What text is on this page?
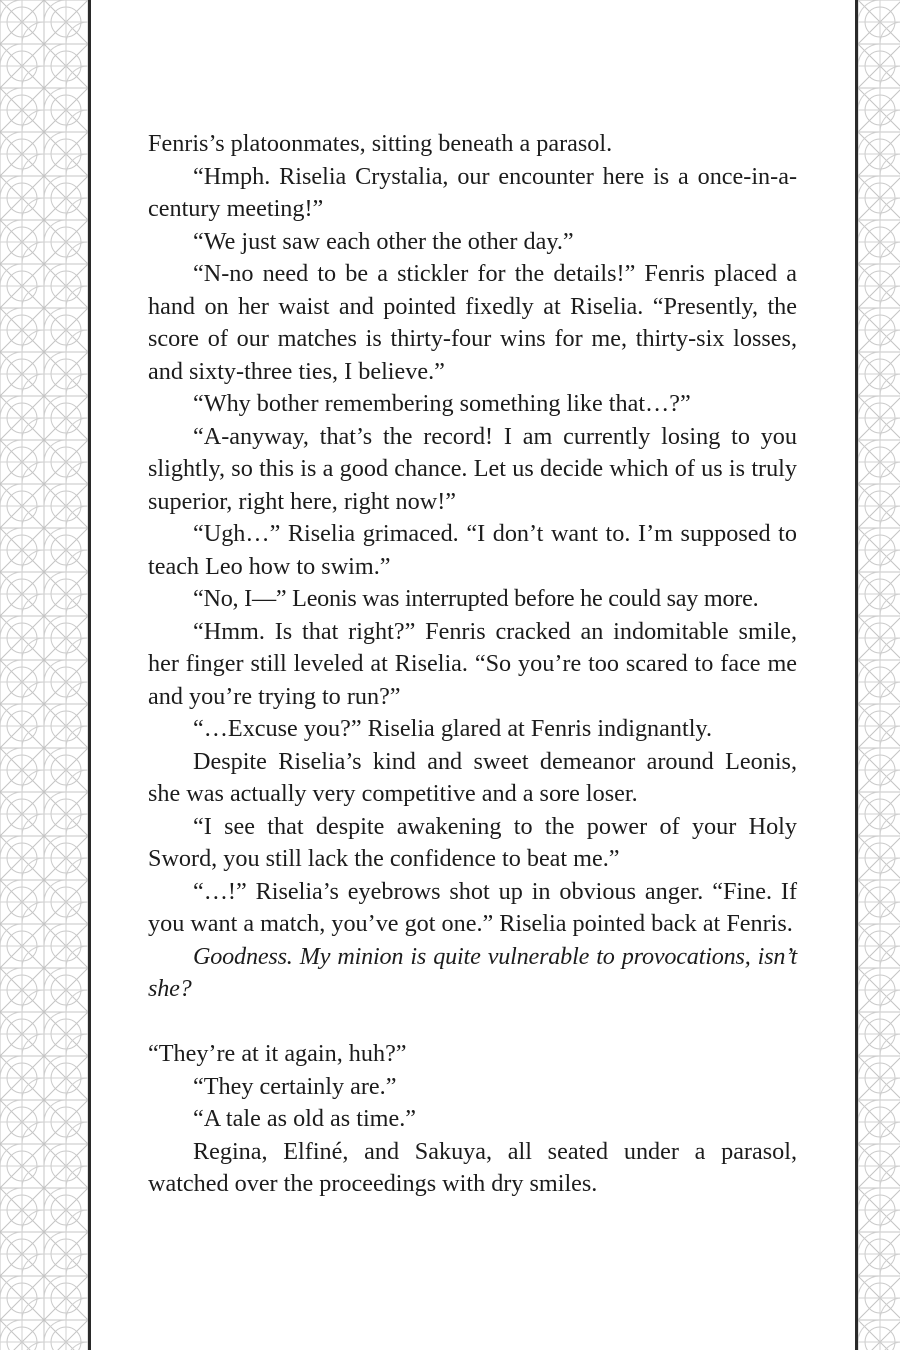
Fenris’s platoonmates, sitting beneath a parasol.

“Hmph. Riselia Crystalia, our encounter here is a once-in-a-century meeting!”

“We just saw each other the other day.”

“N-no need to be a stickler for the details!” Fenris placed a hand on her waist and pointed fixedly at Riselia. “Presently, the score of our matches is thirty-four wins for me, thirty-six losses, and sixty-three ties, I believe.”

“Why bother remembering something like that…?”

“A-anyway, that’s the record! I am currently losing to you slightly, so this is a good chance. Let us decide which of us is truly superior, right here, right now!”

“Ugh…” Riselia grimaced. “I don’t want to. I’m supposed to teach Leo how to swim.”

“No, I—” Leonis was interrupted before he could say more.

“Hmm. Is that right?” Fenris cracked an indomitable smile, her finger still leveled at Riselia. “So you’re too scared to face me and you’re trying to run?”

“…Excuse you?” Riselia glared at Fenris indignantly.

Despite Riselia’s kind and sweet demeanor around Leonis, she was actually very competitive and a sore loser.

“I see that despite awakening to the power of your Holy Sword, you still lack the confidence to beat me.”

“…!” Riselia’s eyebrows shot up in obvious anger. “Fine. If you want a match, you’ve got one.” Riselia pointed back at Fenris.

Goodness. My minion is quite vulnerable to provocations, isn’t she?

“They’re at it again, huh?”

“They certainly are.”

“A tale as old as time.”

Regina, Elfiné, and Sakuya, all seated under a parasol, watched over the proceedings with dry smiles.
